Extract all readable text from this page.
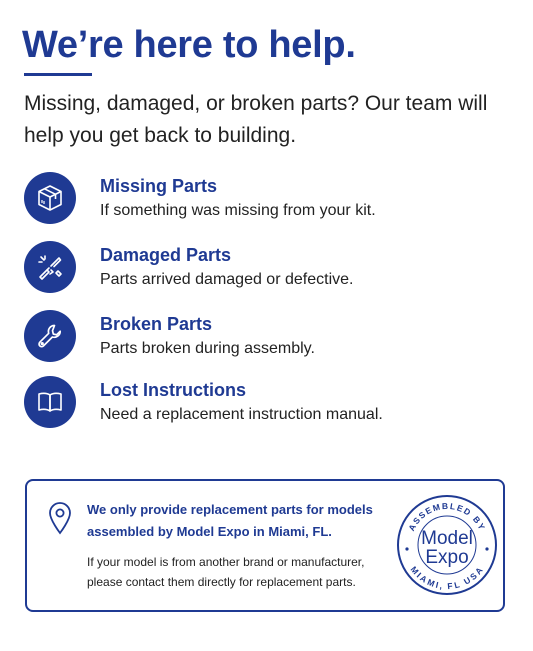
We’re here to help.

Missing, damaged, or broken parts? Our team will help you get back to building.

Missing Parts
If something was missing from your kit.
Damaged Parts
Parts arrived damaged or defective.
Broken Parts
Parts broken during assembly.
Lost Instructions
Need a replacement instruction manual.
We only provide replacement parts for models assembled by Model Expo in Miami, FL.
If your model is from another brand or manufacturer, please contact them directly for replacement parts.
ASSEMBLED BY
MIAMI, FL USA
Model
Expo
